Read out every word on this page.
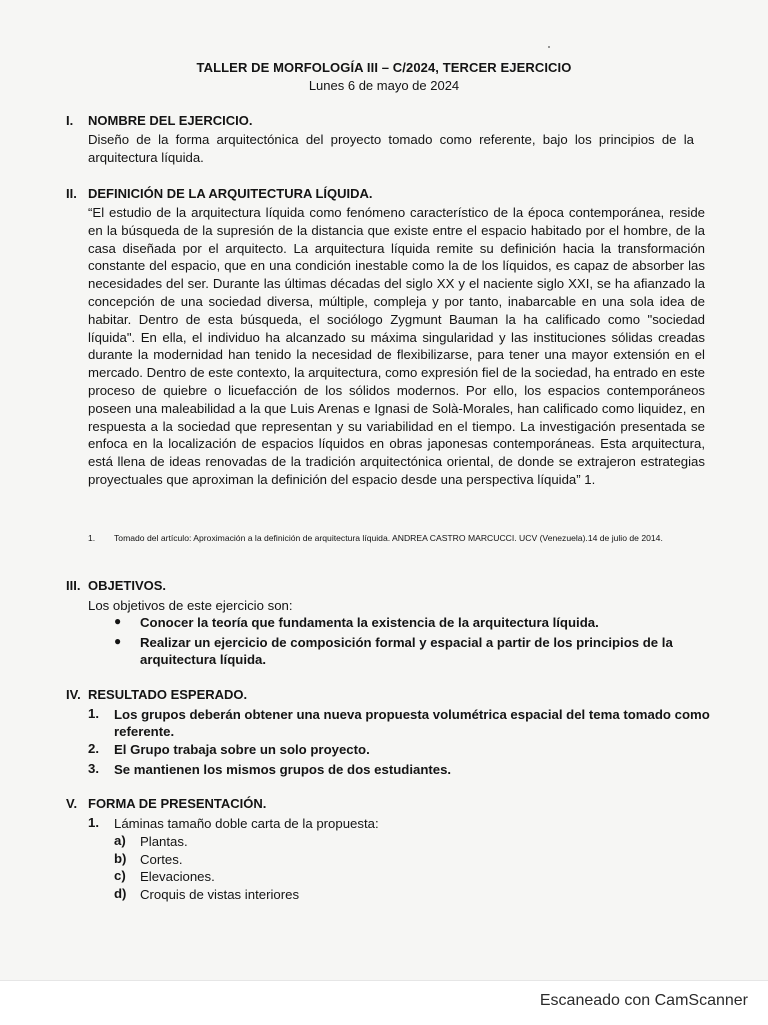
TALLER DE MORFOLOGÍA III – C/2024, TERCER EJERCICIO
Lunes 6 de mayo de 2024
I. NOMBRE DEL EJERCICIO.
Diseño de la forma arquitectónica del proyecto tomado como referente, bajo los principios de la arquitectura líquida.
II. DEFINICIÓN DE LA ARQUITECTURA LÍQUIDA.
“El estudio de la arquitectura líquida como fenómeno característico de la época contemporánea, reside en la búsqueda de la supresión de la distancia que existe entre el espacio habitado por el hombre, de la casa diseñada por el arquitecto. La arquitectura líquida remite su definición hacia la transformación constante del espacio, que en una condición inestable como la de los líquidos, es capaz de absorber las necesidades del ser. Durante las últimas décadas del siglo XX y el naciente siglo XXI, se ha afianzado la concepción de una sociedad diversa, múltiple, compleja y por tanto, inabarcable en una sola idea de habitar. Dentro de esta búsqueda, el sociólogo Zygmunt Bauman la ha calificado como "sociedad líquida". En ella, el individuo ha alcanzado su máxima singularidad y las instituciones sólidas creadas durante la modernidad han tenido la necesidad de flexibilizarse, para tener una mayor extensión en el mercado. Dentro de este contexto, la arquitectura, como expresión fiel de la sociedad, ha entrado en este proceso de quiebre o licuefacción de los sólidos modernos. Por ello, los espacios contemporáneos poseen una maleabilidad a la que Luis Arenas e Ignasi de Solà-Morales, han calificado como liquidez, en respuesta a la sociedad que representan y su variabilidad en el tiempo. La investigación presentada se enfoca en la localización de espacios líquidos en obras japonesas contemporáneas. Esta arquitectura, está llena de ideas renovadas de la tradición arquitectónica oriental, de donde se extrajeron estrategias proyectuales que aproximan la definición del espacio desde una perspectiva líquida” 1.
1. Tomado del artículo: Aproximación a la definición de arquitectura líquida. ANDREA CASTRO MARCUCCI. UCV (Venezuela).14 de julio de 2014.
III. OBJETIVOS.
Los objetivos de este ejercicio son:
● Conocer la teoría que fundamenta la existencia de la arquitectura líquida.
● Realizar un ejercicio de composición formal y espacial a partir de los principios de la arquitectura líquida.
IV. RESULTADO ESPERADO.
1. Los grupos deberán obtener una nueva propuesta volumétrica espacial del tema tomado como referente.
2. El Grupo trabaja sobre un solo proyecto.
3. Se mantienen los mismos grupos de dos estudiantes.
V. FORMA DE PRESENTACIÓN.
1. Láminas tamaño doble carta de la propuesta:
a) Plantas.
b) Cortes.
c) Elevaciones.
d) Croquis de vistas interiores
Escaneado con CamScanner
